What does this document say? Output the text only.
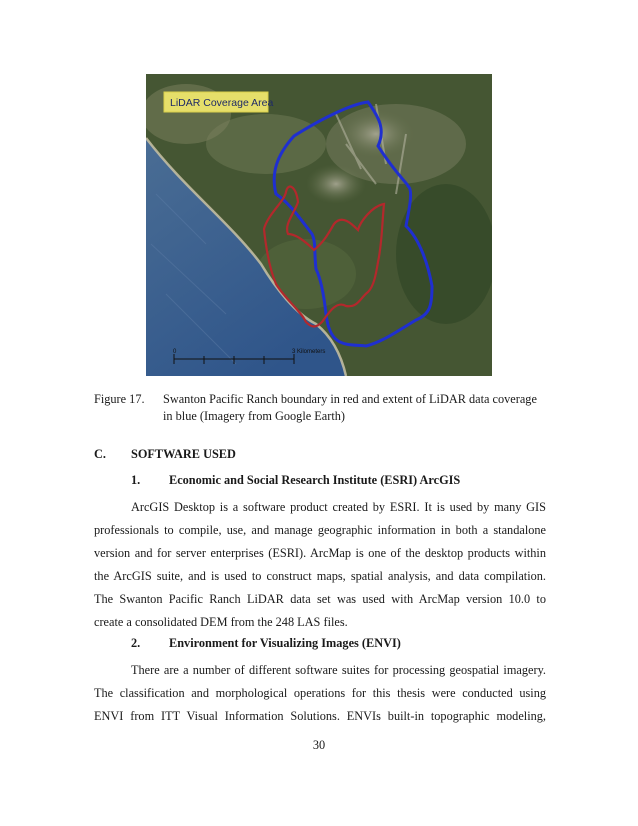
LiDAR Coverage Area
0	3 Kilometers
Figure 17. Swanton Pacific Ranch boundary in red and extent of LiDAR data coverage
in blue (Imagery from Google Earth)
C. SOFTWARE USED
1. Economic and Social Research Institute (ESRI) ArcGIS

ArcGIS Desktop is a software product created by ESRI. It is used by many GIS

professionals to compile, use, and manage geographic information in both a standalone

version and for server enterprises (ESRI). ArcMap is one of the desktop products within

the ArcGIS suite, and is used to construct maps, spatial analysis, and data compilation.

The Swanton Pacific Ranch LiDAR data set was used with ArcMap version 10.0 to

create a consolidated DEM from the 248 LAS files.

2. Environment for Visualizing Images (ENVI)

There are a number of different software suites for processing geospatial imagery.

The classification and morphological operations for this thesis were conducted using

ENVI from ITT Visual Information Solutions. ENVIs built-in topographic modeling,

30
